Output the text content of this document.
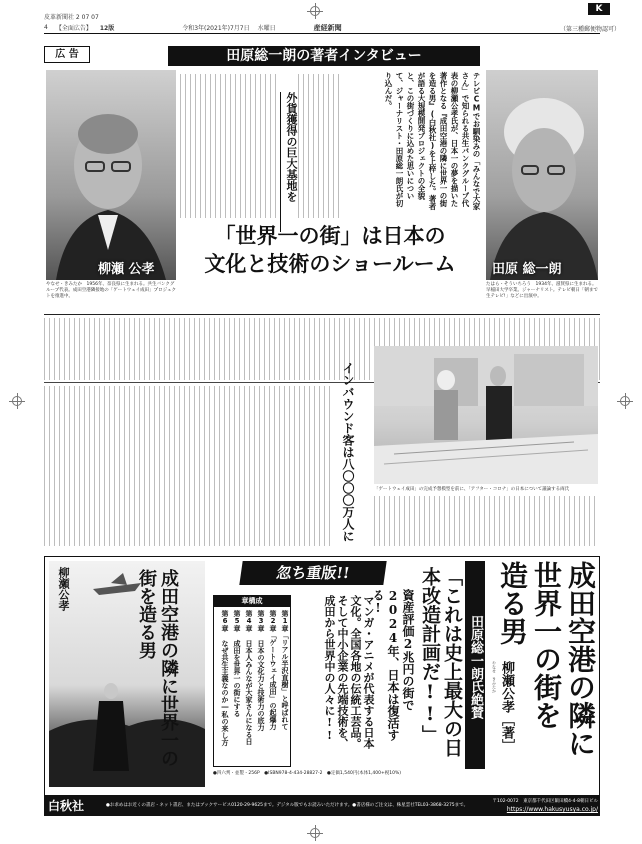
皮革新聞社 2 07 07
（第三種郵便物認可）
K
4 【全面広告】 12版	令和3年(2021年)7月7日 水曜日	産経新聞
広 告	田原総一朗の著者インタビュー
柳瀬 公孝	田原 総一朗
テレビCMでお馴染みの「みんなで大家さん」で知られる共生バンクグループ代表の柳瀬公孝氏が、日本一の夢を描いた著作となる『成田空港の隣に世界一の街を造る男』(白秋社)を上梓した。著者が語る大規模開発プロジェクトの全貌と、この街づくりに込めた思いについて、ジャーナリスト・田原総一朗氏が切り込んだ。
外貨獲得の巨大基地を
やなせ・きみたか　1956年、奈良県に生まれる。共生バンクグループ代表。成田空港隣接地の「ゲートウェイ成田」プロジェクトを推進中。
たはら・そういちろう　1934年、滋賀県に生まれる。早稲田大学卒業。ジャーナリスト。テレビ朝日「朝まで生テレビ!」などに出演中。
「世界一の街」は日本の
文化と技術のショールーム
インバウンド客は八〇〇〇万人に	「ゲートウェイ成田」の完成予想模型を前に、「アフター・コロナ」の日本について議論する両氏
柳瀬公孝	成田空港の隣に世界一の街を造る男	忽ち重版!!
章構成
第1章「リアル半沢直樹」と呼ばれて
第2章「ゲートウェイ成田」の起爆力
第3章 日本の文化力と技術力の底力
第4章 日本人みんなが大家さんになる日
第5章 成田を世界一の街にする
第6章 なぜ共生主義なのか―私の来し方	マンガ・アニメが代表する日本文化。全国各地の伝統工芸品。そして中小企業の先端技術を、成田から世界中の人々に!!	資産評価2兆円の街で2024年、日本は復活する!	「これは史上最大の日本改造計画だ!!」	田原総一朗氏絶賛	成田空港の隣に
世界一の街を
造る男
柳瀬公孝［著］
やなせ　きみたか
●四六判・並製・256P　●ISBN978-4-434-28827-2　●定価1,540円(本体1,400+税10%)
白秋社	●お求めはお近くの書店・ネット書店、またはブックサービス0120-29-9625まで。デジタル版でもお読みいただけます。●書店様のご注文は、株星雲社TEL03-3868-3275まで。
〒102-0072　東京都千代田区飯田橋4-4-8朝日ビル
https://www.hakusyusya.co.jp/
